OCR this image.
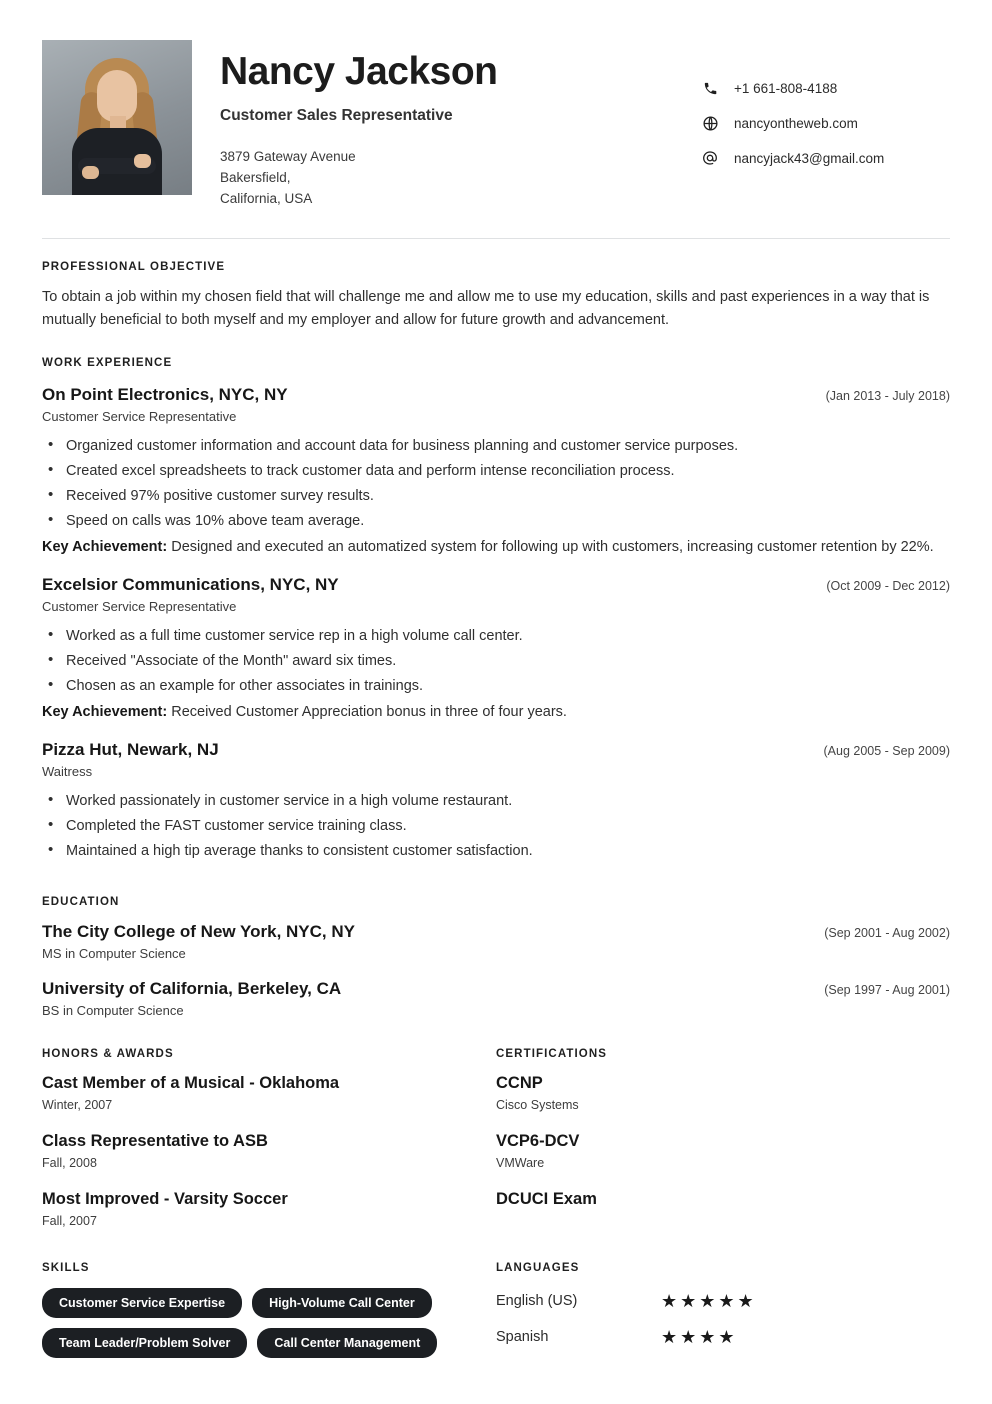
Nancy Jackson
Customer Sales Representative
3879 Gateway Avenue
Bakersfield,
California, USA
+1 661-808-4188
nancyontheweb.com
nancyjack43@gmail.com
PROFESSIONAL OBJECTIVE

To obtain a job within my chosen field that will challenge me and allow me to use my education, skills and past experiences in a way that is mutually beneficial to both myself and my employer and allow for future growth and advancement.

WORK EXPERIENCE
On Point Electronics, NYC, NY	(Jan 2013 - July 2018)
Customer Service Representative
• Organized customer information and account data for business planning and customer service purposes.
• Created excel spreadsheets to track customer data and perform intense reconciliation process.
• Received 97% positive customer survey results.
• Speed on calls was 10% above team average.
Key Achievement: Designed and executed an automatized system for following up with customers, increasing customer retention by 22%.
Excelsior Communications, NYC, NY	(Oct 2009 - Dec 2012)
Customer Service Representative
• Worked as a full time customer service rep in a high volume call center.
• Received "Associate of the Month" award six times.
• Chosen as an example for other associates in trainings.
Key Achievement: Received Customer Appreciation bonus in three of four years.
Pizza Hut, Newark, NJ	(Aug 2005 - Sep 2009)
Waitress
• Worked passionately in customer service in a high volume restaurant.
• Completed the FAST customer service training class.
• Maintained a high tip average thanks to consistent customer satisfaction.
EDUCATION
The City College of New York, NYC, NY	(Sep 2001 - Aug 2002)
MS in Computer Science
University of California, Berkeley, CA	(Sep 1997 - Aug 2001)
BS in Computer Science
HONORS & AWARDS
Cast Member of a Musical - Oklahoma
Winter, 2007
Class Representative to ASB
Fall, 2008
Most Improved - Varsity Soccer
Fall, 2007
CERTIFICATIONS
CCNP
Cisco Systems
VCP6-DCV
VMWare
DCUCI Exam
SKILLS
Customer Service Expertise	High-Volume Call Center
Team Leader/Problem Solver	Call Center Management
LANGUAGES
English (US)	★★★★★
Spanish	★★★★
